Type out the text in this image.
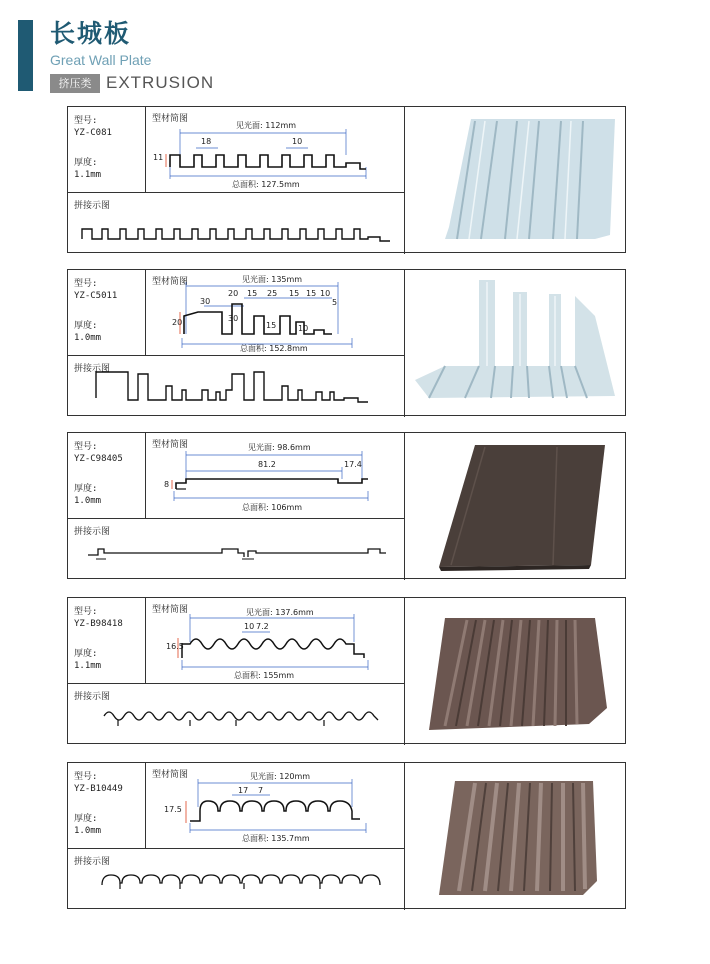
长城板
Great Wall Plate
挤压类 EXTRUSION
型号:
YZ-C081
厚度:
1.1mm
型材简图
见光面: 112mm
18	10
11
总面积: 127.5mm
拼接示图
型号:
YZ-C5011
厚度:
1.0mm
型材简图	见光面: 135mm
30
20 15 25 15 15 10
5
20	30
15	10
总面积: 152.8mm
拼接示图
型号:
YZ-C98405
厚度:
1.0mm
型材简图	见光面: 98.6mm
81.2	17.4
8
总面积: 106mm
拼接示图
型号:
YZ-B98418
厚度:
1.1mm
型材简图	见光面: 137.6mm
10 7.2
16.5
总面积: 155mm
拼接示图
型号:
YZ-B10449
厚度:
1.0mm
型材简图	见光面: 120mm
17 7
17.5
总面积: 135.7mm
拼接示图
